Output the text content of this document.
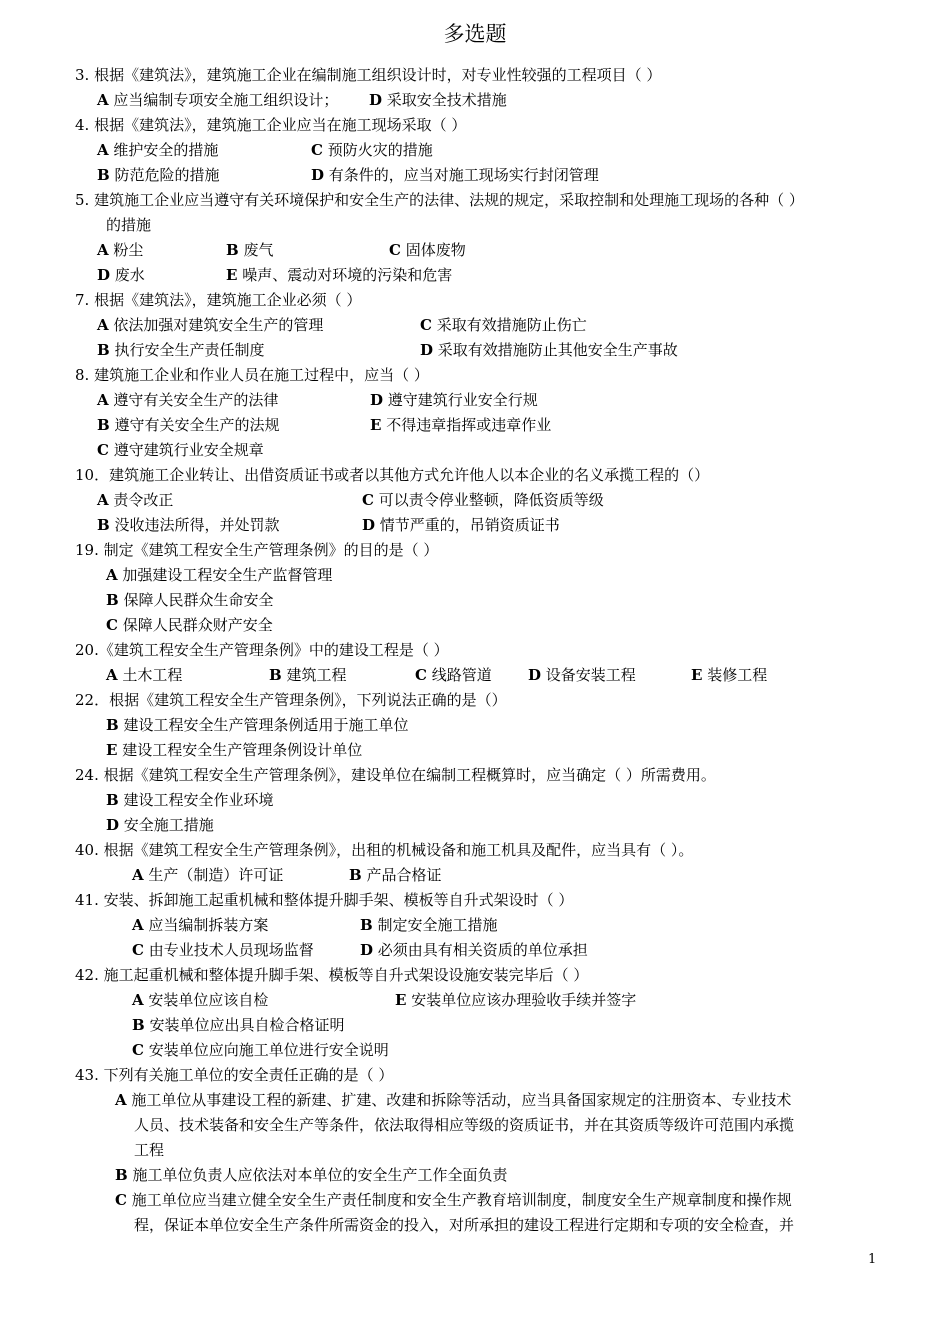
多选题
3. 根据《建筑法》，建筑施工企业在编制施工组织设计时，对专业性较强的工程项目（ ）
A 应当编制专项安全施工组织设计； D 采取安全技术措施
4. 根据《建筑法》，建筑施工企业应当在施工现场采取（ ）
A 维护安全的措施	C 预防火灾的措施
B 防范危险的措施	D 有条件的，应当对施工现场实行封闭管理
5. 建筑施工企业应当遵守有关环境保护和安全生产的法律、法规的规定，采取控制和处理施工现场的各种（ ）
的措施
A 粉尘	B 废气	C 固体废物
D 废水	E 噪声、震动对环境的污染和危害
7. 根据《建筑法》，建筑施工企业必须（ ）
A 依法加强对建筑安全生产的管理	C 采取有效措施防止伤亡
B 执行安全生产责任制度	D 采取有效措施防止其他安全生产事故
8. 建筑施工企业和作业人员在施工过程中，应当（ ）
A 遵守有关安全生产的法律	D 遵守建筑行业安全行规
B 遵守有关安全生产的法规	E 不得违章指挥或违章作业
C 遵守建筑行业安全规章
10．建筑施工企业转让、出借资质证书或者以其他方式允许他人以本企业的名义承揽工程的（）
A 责令改正	C 可以责令停业整顿，降低资质等级
B 没收违法所得，并处罚款	D 情节严重的，吊销资质证书
19. 制定《建筑工程安全生产管理条例》的目的是（ ）
A 加强建设工程安全生产监督管理
B 保障人民群众生命安全
C 保障人民群众财产安全
20.《建筑工程安全生产管理条例》中的建设工程是（ ）
A 土木工程	B 建筑工程	C 线路管道 D 设备安装工程	E 装修工程
22．根据《建筑工程安全生产管理条例》，下列说法正确的是（）
B 建设工程安全生产管理条例适用于施工单位
E 建设工程安全生产管理条例设计单位
24. 根据《建筑工程安全生产管理条例》，建设单位在编制工程概算时，应当确定（ ）所需费用。
B 建设工程安全作业环境
D 安全施工措施
40. 根据《建筑工程安全生产管理条例》，出租的机械设备和施工机具及配件，应当具有（ ）。
A 生产（制造）许可证	B 产品合格证
41. 安装、拆卸施工起重机械和整体提升脚手架、模板等自升式架设时（ ）
A 应当编制拆装方案	B 制定安全施工措施
C 由专业技术人员现场监督	D 必须由具有相关资质的单位承担
42. 施工起重机械和整体提升脚手架、模板等自升式架设设施安装完毕后（ ）
A 安装单位应该自检	E 安装单位应该办理验收手续并签字
B 安装单位应出具自检合格证明
C 安装单位应向施工单位进行安全说明
43. 下列有关施工单位的安全责任正确的是（ ）
A 施工单位从事建设工程的新建、扩建、改建和拆除等活动，应当具备国家规定的注册资本、专业技术
人员、技术装备和安全生产等条件，依法取得相应等级的资质证书，并在其资质等级许可范围内承揽
工程
B 施工单位负责人应依法对本单位的安全生产工作全面负责
C 施工单位应当建立健全安全生产责任制度和安全生产教育培训制度，制度安全生产规章制度和操作规
程，保证本单位安全生产条件所需资金的投入，对所承担的建设工程进行定期和专项的安全检查，并
1
